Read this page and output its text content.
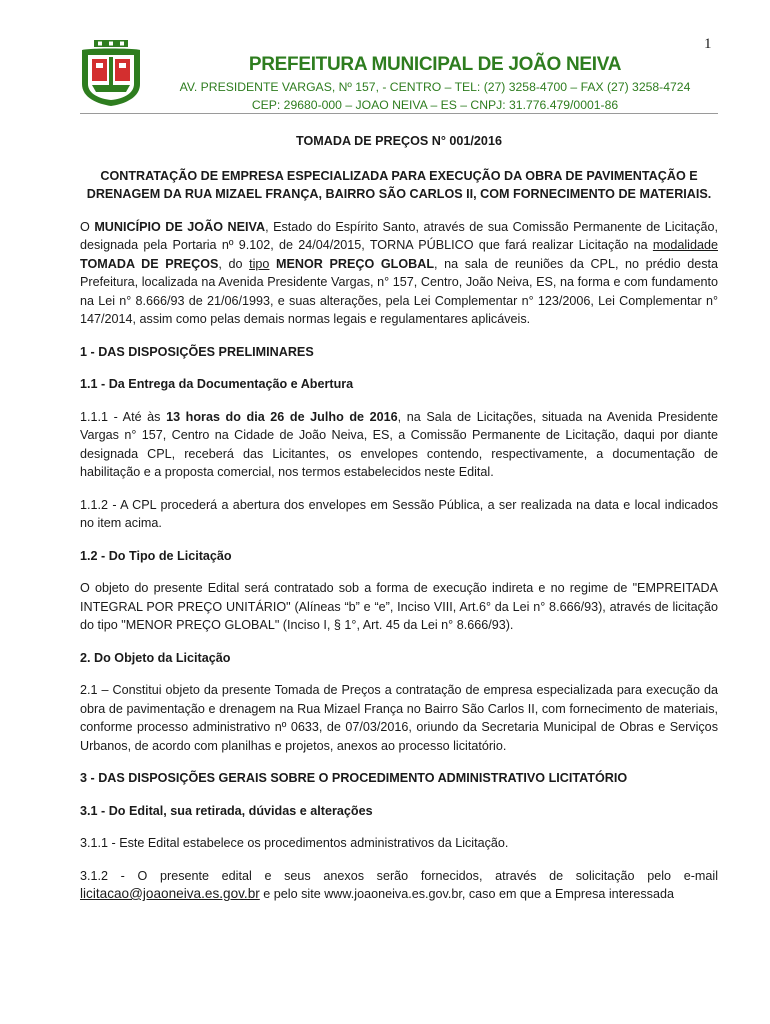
1

PREFEITURA MUNICIPAL DE JOÃO NEIVA

AV. PRESIDENTE VARGAS, Nº 157, - CENTRO – TEL: (27) 3258-4700 – FAX (27) 3258-4724

CEP: 29680-000 – JOAO NEIVA – ES – CNPJ: 31.776.479/0001-86

TOMADA DE PREÇOS N° 001/2016

CONTRATAÇÃO DE EMPRESA ESPECIALIZADA PARA EXECUÇÃO DA OBRA DE PAVIMENTAÇÃO E DRENAGEM DA RUA MIZAEL FRANÇA, BAIRRO SÃO CARLOS II, COM FORNECIMENTO DE MATERIAIS.

O MUNICÍPIO DE JOÃO NEIVA, Estado do Espírito Santo, através de sua Comissão Permanente de Licitação, designada pela Portaria nº 9.102, de 24/04/2015, TORNA PÚBLICO que fará realizar Licitação na modalidade TOMADA DE PREÇOS, do tipo MENOR PREÇO GLOBAL, na sala de reuniões da CPL, no prédio desta Prefeitura, localizada na Avenida Presidente Vargas, n° 157, Centro, João Neiva, ES, na forma e com fundamento na Lei n° 8.666/93 de 21/06/1993, e suas alterações, pela Lei Complementar n° 123/2006, Lei Complementar n° 147/2014, assim como pelas demais normas legais e regulamentares aplicáveis.

1 - DAS DISPOSIÇÕES PRELIMINARES

1.1 - Da Entrega da Documentação e Abertura

1.1.1 - Até às 13 horas do dia 26 de Julho de 2016, na Sala de Licitações, situada na Avenida Presidente Vargas n° 157, Centro na Cidade de João Neiva, ES, a Comissão Permanente de Licitação, daqui por diante designada CPL, receberá das Licitantes, os envelopes contendo, respectivamente, a documentação de habilitação e a proposta comercial, nos termos estabelecidos neste Edital.

1.1.2 - A CPL procederá a abertura dos envelopes em Sessão Pública, a ser realizada na data e local indicados no item acima.

1.2 - Do Tipo de Licitação

O objeto do presente Edital será contratado sob a forma de execução indireta e no regime de "EMPREITADA INTEGRAL POR PREÇO UNITÁRIO" (Alíneas “b” e “e”, Inciso VIII, Art.6° da Lei n° 8.666/93), através de licitação do tipo "MENOR PREÇO GLOBAL" (Inciso I, § 1°, Art. 45 da Lei n° 8.666/93).

2. Do Objeto da Licitação

2.1 – Constitui objeto da presente Tomada de Preços a contratação de empresa especializada para execução da obra de pavimentação e drenagem na Rua Mizael França no Bairro São Carlos II, com fornecimento de materiais, conforme processo administrativo nº 0633, de 07/03/2016, oriundo da Secretaria Municipal de Obras e Serviços Urbanos, de acordo com planilhas e projetos, anexos ao processo licitatório.

3 - DAS DISPOSIÇÕES GERAIS SOBRE O PROCEDIMENTO ADMINISTRATIVO LICITATÓRIO

3.1 - Do Edital, sua retirada, dúvidas e alterações

3.1.1 - Este Edital estabelece os procedimentos administrativos da Licitação.

3.1.2 - O presente edital e seus anexos serão fornecidos, através de solicitação pelo e-mail licitacao@joaoneiva.es.gov.br e pelo site www.joaoneiva.es.gov.br, caso em que a Empresa interessada
